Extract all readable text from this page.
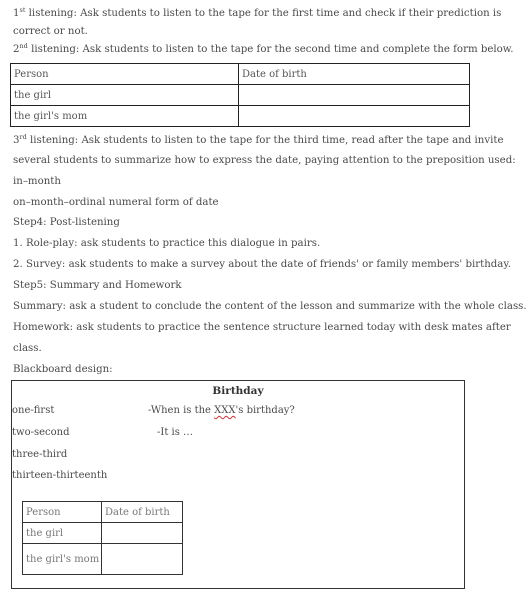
1st listening: Ask students to listen to the tape for the first time and check if their prediction is
correct or not.
2nd listening: Ask students to listen to the tape for the second time and complete the form below.
Person	Date of birth
the girl	
the girl's mom	
3rd listening: Ask students to listen to the tape for the third time, read after the tape and invite
several students to summarize how to express the date, paying attention to the preposition used:
in–month
on–month–ordinal numeral form of date
Step4: Post-listening
1. Role-play: ask students to practice this dialogue in pairs.
2. Survey: ask students to make a survey about the date of friends' or family members' birthday.
Step5: Summary and Homework
Summary: ask a student to conclude the content of the lesson and summarize with the whole class.
Homework: ask students to practice the sentence structure learned today with desk mates after
class.
Blackboard design:
Birthday
one-first
two-second
three-third
thirteen-thirteenth
-When is the XXX's birthday?
-It is …
Person	Date of birth
the girl	
the girl's mom	
